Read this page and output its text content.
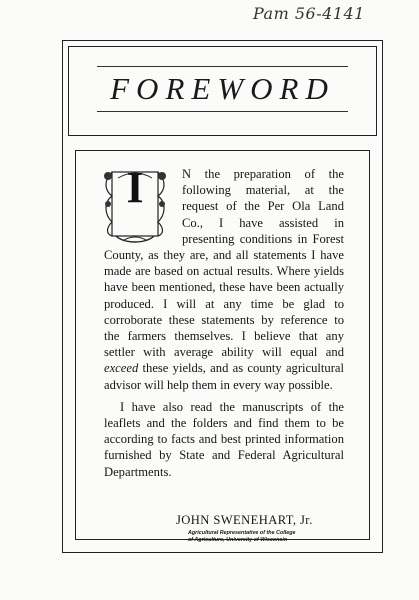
Pam 56-4141
FOREWORD
I	N the preparation of the following material, at the request of the Per Ola Land Co., I have assisted in presenting conditions in Forest County, as they are, and all statements I have made are based on actual results. Where yields have been mentioned, these have been actually produced. I will at any time be glad to corroborate these statements by reference to the farmers themselves. I believe that any settler with average ability will equal and exceed these yields, and as county agricultural advisor will help them in every way possible.

I have also read the manuscripts of the leaflets and the folders and find them to be according to facts and best printed information furnished by State and Federal Agricultural Departments.

JOHN SWENEHART, Jr.
Agricultural Representative of the College
of Agriculture, University of Wisconsin
